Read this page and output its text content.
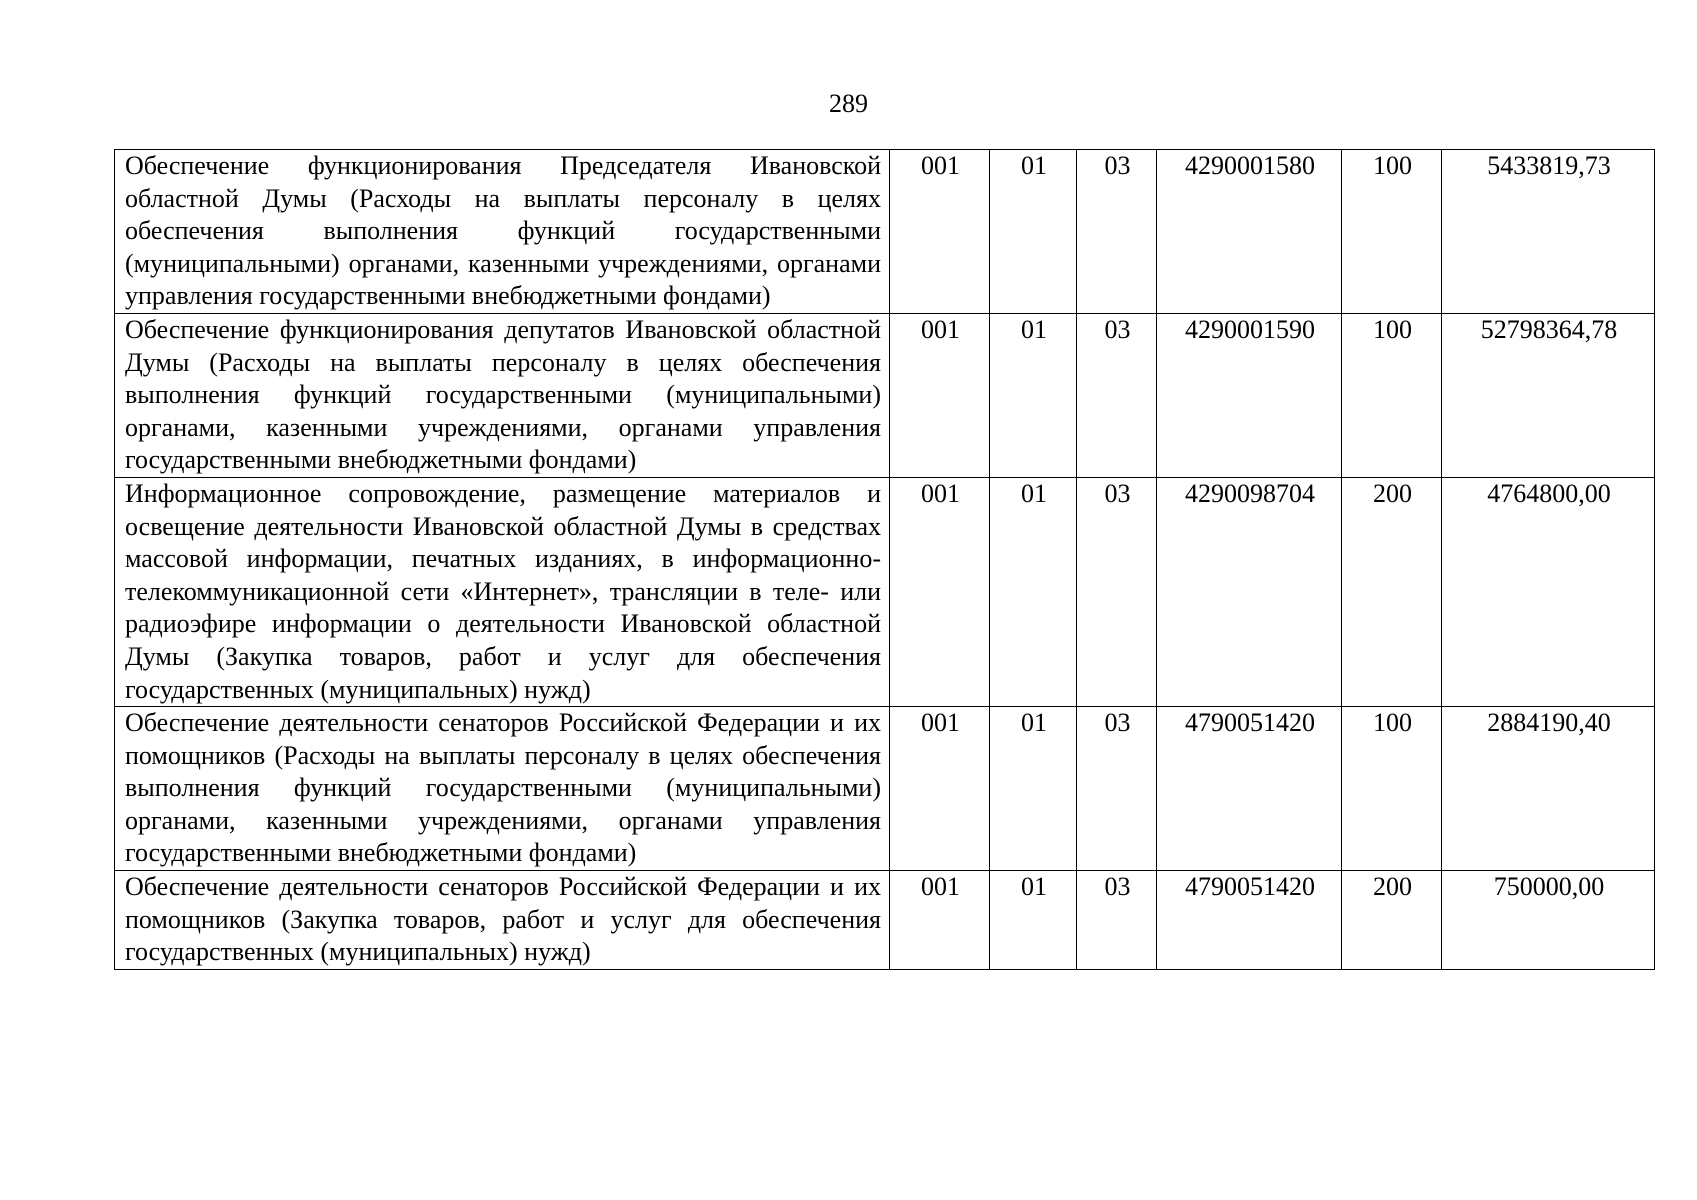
289
Обеспечение функционирования Председателя Ивановской областной Думы (Расходы на выплаты персоналу в целях обеспечения выполнения функций государственными (муниципальными) органами, казенными учреждениями, органами управления государственными внебюджетными фондами)	001	01	03	4290001580	100	5433819,73
Обеспечение функционирования депутатов Ивановской областной Думы (Расходы на выплаты персоналу в целях обеспечения выполнения функций государственными (муниципальными) органами, казенными учреждениями, органами управления государственными внебюджетными фондами)	001	01	03	4290001590	100	52798364,78
Информационное сопровождение, размещение материалов и освещение деятельности Ивановской областной Думы в средствах массовой информации, печатных изданиях, в информационно-телекоммуникационной сети «Интернет», трансляции в теле- или радиоэфире информации о деятельности Ивановской областной Думы (Закупка товаров, работ и услуг для обеспечения государственных (муниципальных) нужд)	001	01	03	4290098704	200	4764800,00
Обеспечение деятельности сенаторов Российской Федерации и их помощников (Расходы на выплаты персоналу в целях обеспечения выполнения функций государственными (муниципальными) органами, казенными учреждениями, органами управления государственными внебюджетными фондами)	001	01	03	4790051420	100	2884190,40
Обеспечение деятельности сенаторов Российской Федерации и их помощников (Закупка товаров, работ и услуг для обеспечения государственных (муниципальных) нужд)	001	01	03	4790051420	200	750000,00
